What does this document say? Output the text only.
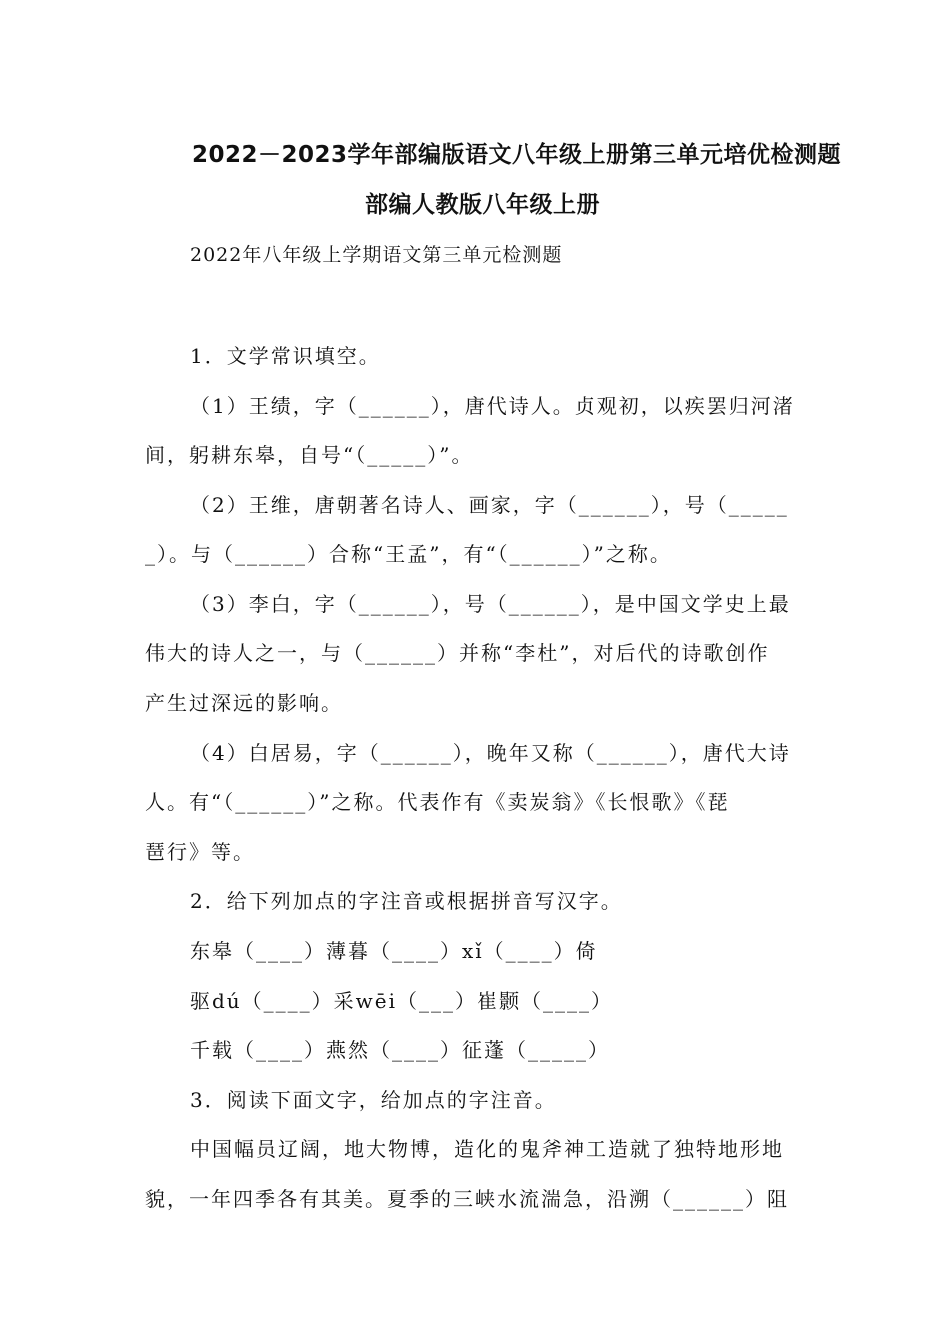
2022－2023学年部编版语文八年级上册第三单元培优检测题
部编人教版八年级上册
2022年八年级上学期语文第三单元检测题
1．文学常识填空。
（1）王绩，字（______），唐代诗人。贞观初，以疾罢归河渚
间，躬耕东皋，自号“（_____）”。
（2）王维，唐朝著名诗人、画家，字（______），号（_____
_）。与（______）合称“王孟”，有“（______）”之称。
（3）李白，字（______），号（______），是中国文学史上最
伟大的诗人之一，与（______）并称“李杜”，对后代的诗歌创作
产生过深远的影响。
（4）白居易，字（______），晚年又称（______），唐代大诗
人。有“（______）”之称。代表作有《卖炭翁》《长恨歌》《琵
琶行》等。
2．给下列加点的字注音或根据拼音写汉字。
东皋（____）薄暮（____）xǐ（____）倚
驱dú（____）采wēi（___）崔颢（____）
千载（____）燕然（____）征蓬（_____）
3．阅读下面文字，给加点的字注音。
中国幅员辽阔，地大物博，造化的鬼斧神工造就了独特地形地
貌，一年四季各有其美。夏季的三峡水流湍急，沿溯（______）阻
